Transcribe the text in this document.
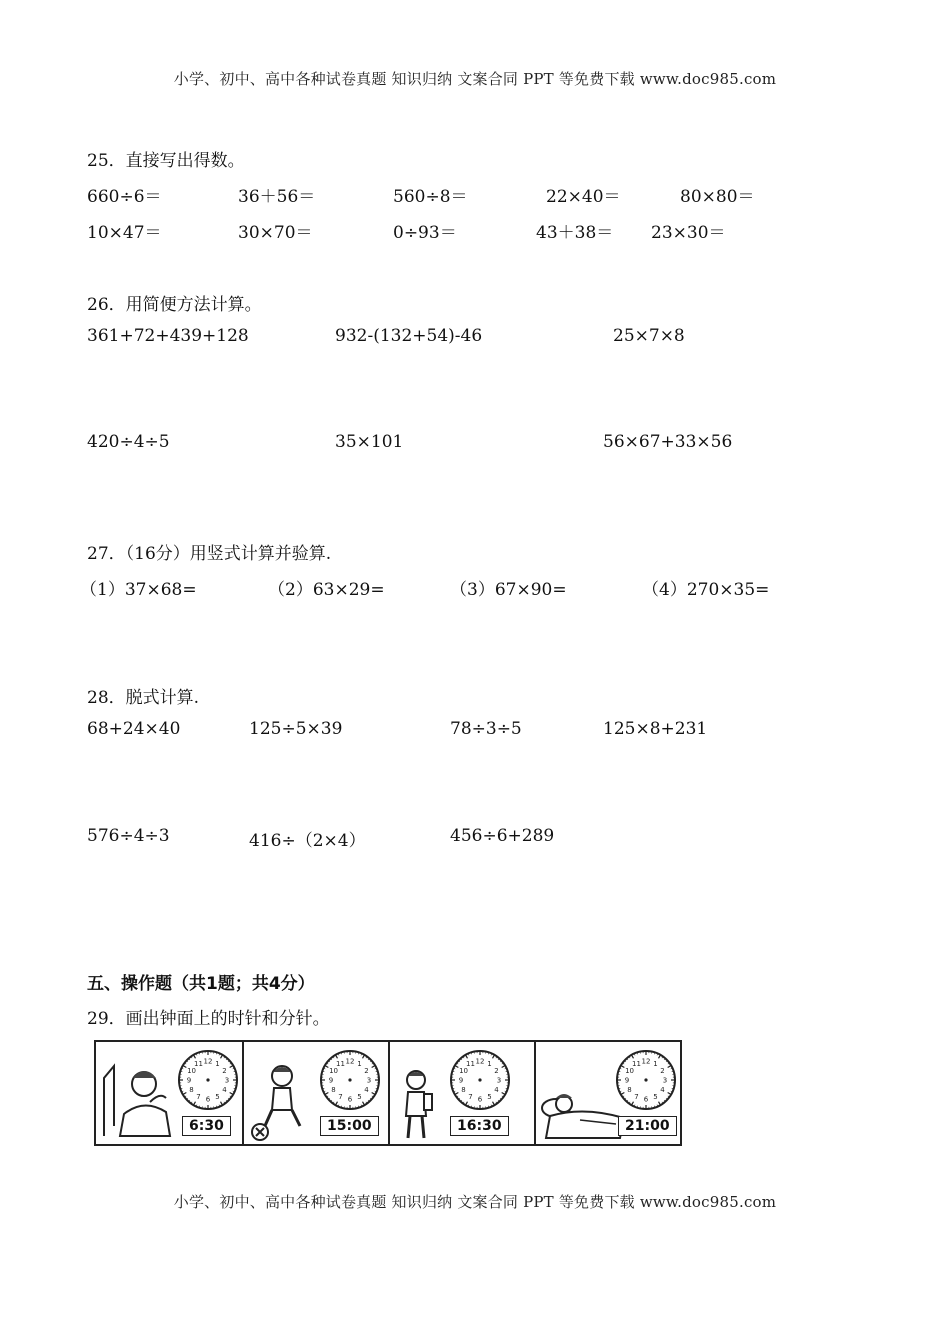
小学、初中、高中各种试卷真题 知识归纳 文案合同 PPT 等免费下载 www.doc985.com
25．直接写出得数。
660÷6＝	36＋56＝	560÷8＝	22×40＝	80×80＝
10×47＝	30×70＝	0÷93＝	43＋38＝ 23×30＝
26．用简便方法计算。
361+72+439+128	932-(132+54)-46	25×7×8
420÷4÷5	35×101	56×67+33×56
27．（16分）用竖式计算并验算.
（1）37×68=	（2）63×29=	（3）67×90=	（4）270×35=
28．脱式计算.
68+24×40	125÷5×39	78÷3÷5	125×8+231
576÷4÷3	416÷（2×4）	456÷6+289
五、操作题（共1题；共4分）
29．画出钟面上的时针和分针。
12 1
2
3
4
5
6
7
8
9
10
11
6:30
12 1
2
3
4
5
6
7
8
9
10
11
15:00
12 1
2
3
4
5
6
7
8
9
10
11
16:30
12 1
2
3
4
5
6
7
8
9
10
11
21:00
小学、初中、高中各种试卷真题 知识归纳 文案合同 PPT 等免费下载 www.doc985.com
